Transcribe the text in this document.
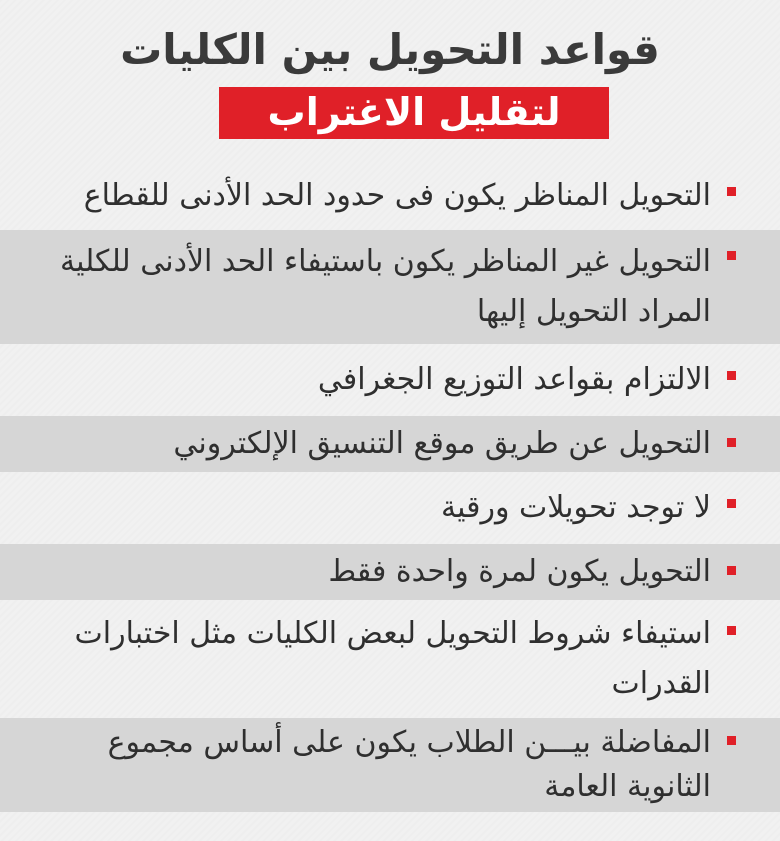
قواعد التحويل بين الكليات
لتقليل الاغتراب
التحويل المناظر يكون فى حدود الحد الأدنى للقطاع
التحويل غير المناظر يكون باستيفاء الحد الأدنى للكلية المراد التحويل إليها
الالتزام بقواعد التوزيع الجغرافي
التحويل عن طريق موقع التنسيق الإلكتروني
لا توجد تحويلات ورقية
التحويل يكون لمرة واحدة فقط
استيفاء شروط التحويل لبعض الكليات مثل اختبارات القدرات
المفاضلة بيـــن الطلاب يكون على أساس مجموع الثانوية العامة
